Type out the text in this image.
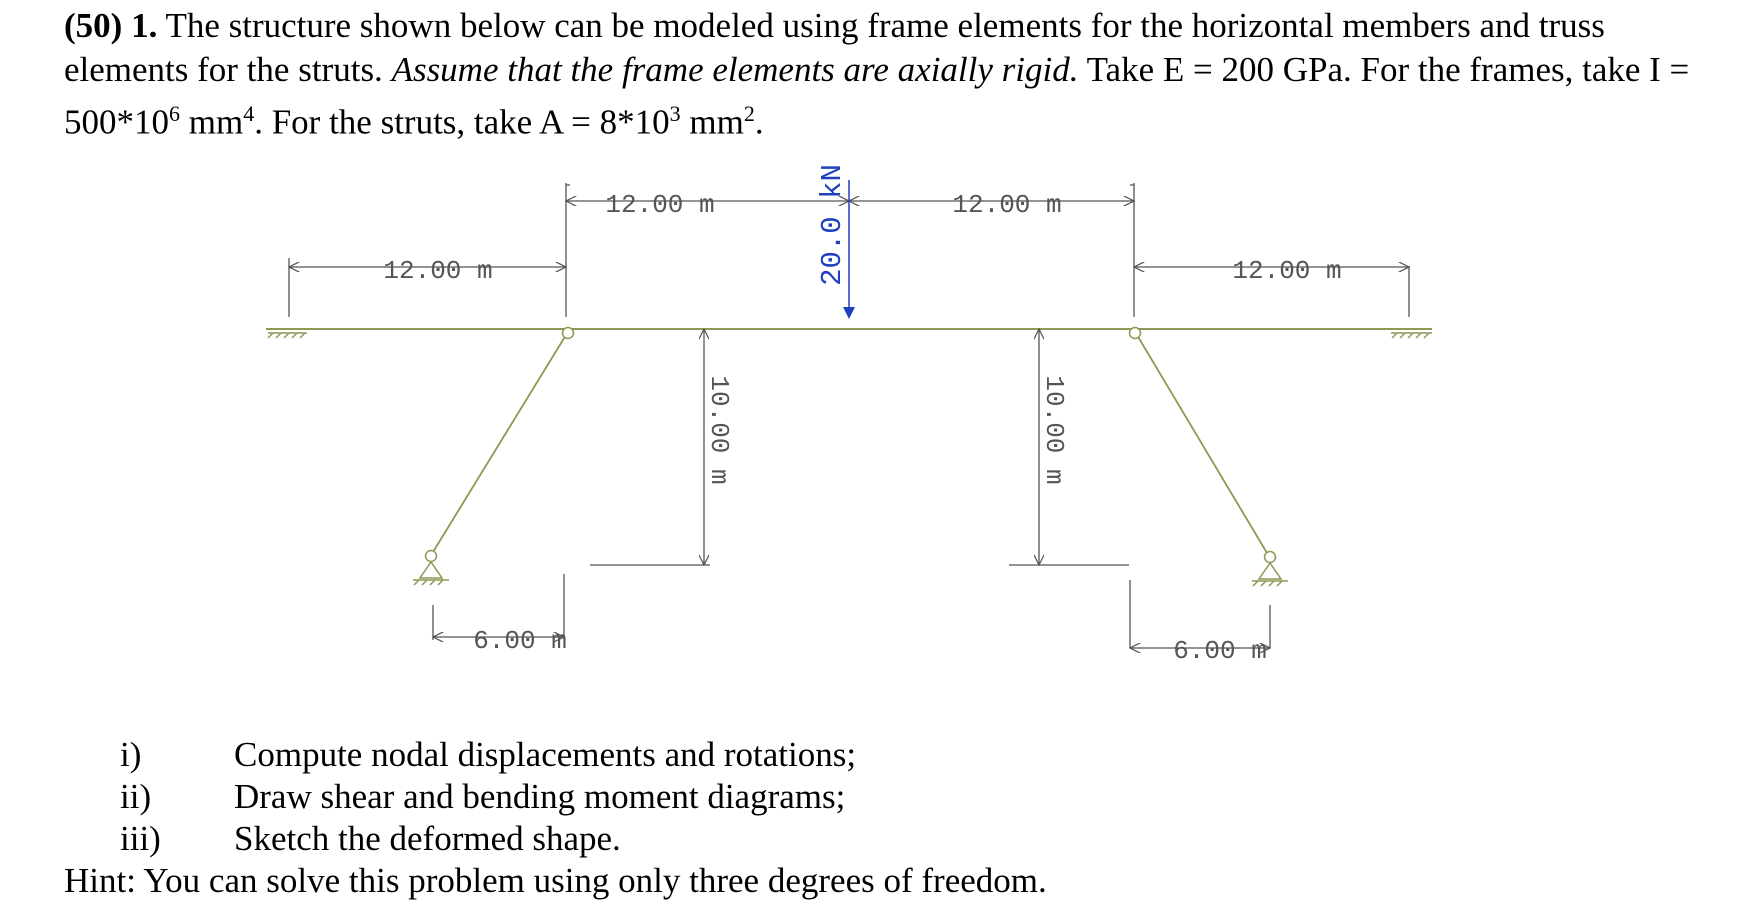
(50) 1. The structure shown below can be modeled using frame elements for the horizontal members and truss elements for the struts. Assume that the frame elements are axially rigid. Take E = 200 GPa. For the frames, take $I = 500*10^6$ $mm^4$. For the struts, take $A = 8*10^3$ $mm^2$.

12.00 m	12.00 m
12.00 m	12.00 m
6.00 m	6.00 m
10.00 m	10.00 m
20.0 kN
i)	Compute nodal displacements and rotations;
ii) Draw shear and bending moment diagrams;
iii) Sketch the deformed shape.
Hint: You can solve this problem using only three degrees of freedom.
